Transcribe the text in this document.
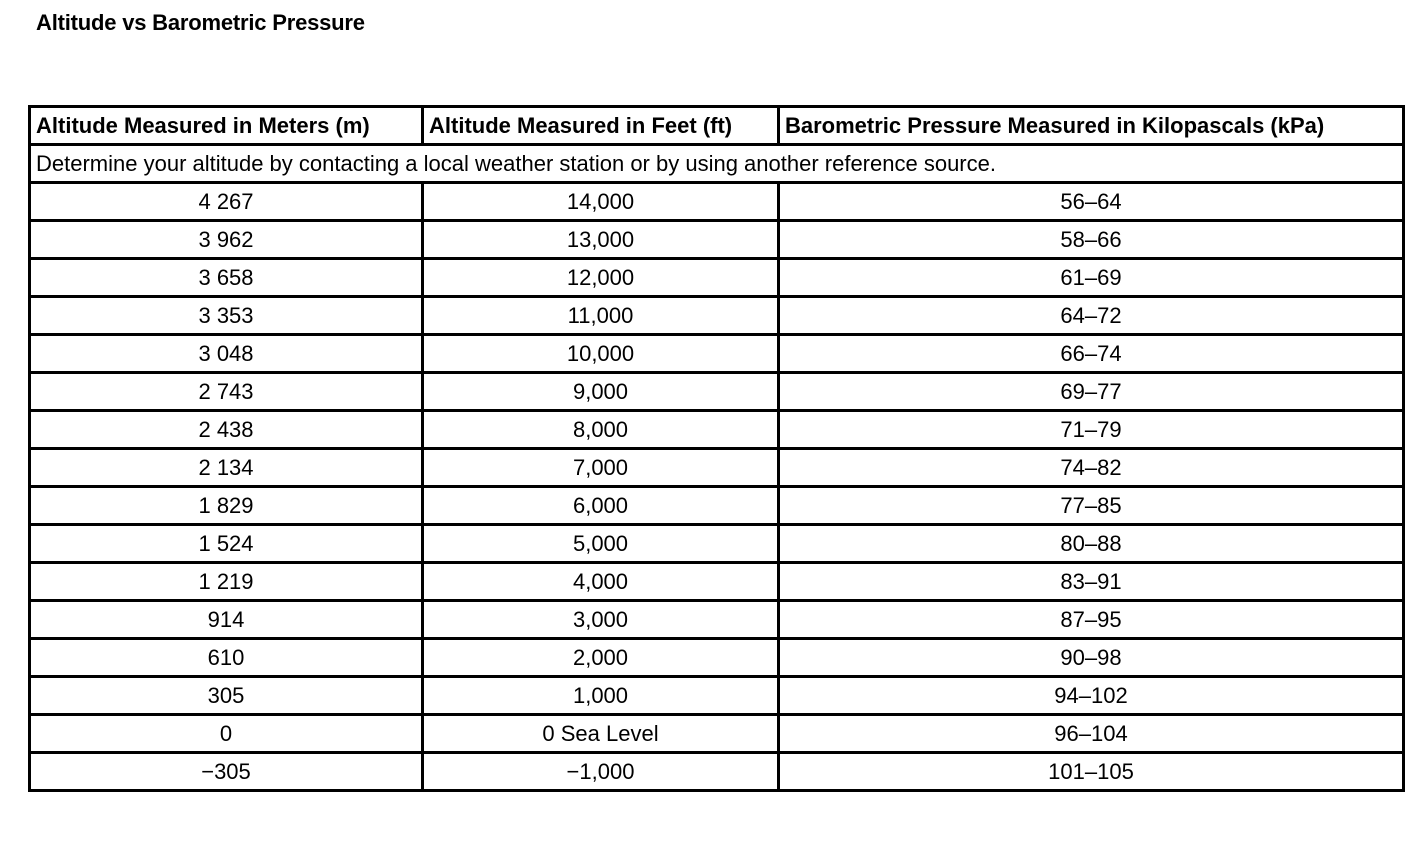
Altitude vs Barometric Pressure
Altitude Measured in Meters (m)	Altitude Measured in Feet (ft)	Barometric Pressure Measured in Kilopascals (kPa)
Determine your altitude by contacting a local weather station or by using another reference source.		
4 267	14,000	56–64
3 962	13,000	58–66
3 658	12,000	61–69
3 353	11,000	64–72
3 048	10,000	66–74
2 743	9,000	69–77
2 438	8,000	71–79
2 134	7,000	74–82
1 829	6,000	77–85
1 524	5,000	80–88
1 219	4,000	83–91
914	3,000	87–95
610	2,000	90–98
305	1,000	94–102
0	0 Sea Level	96–104
−305	−1,000	101–105
